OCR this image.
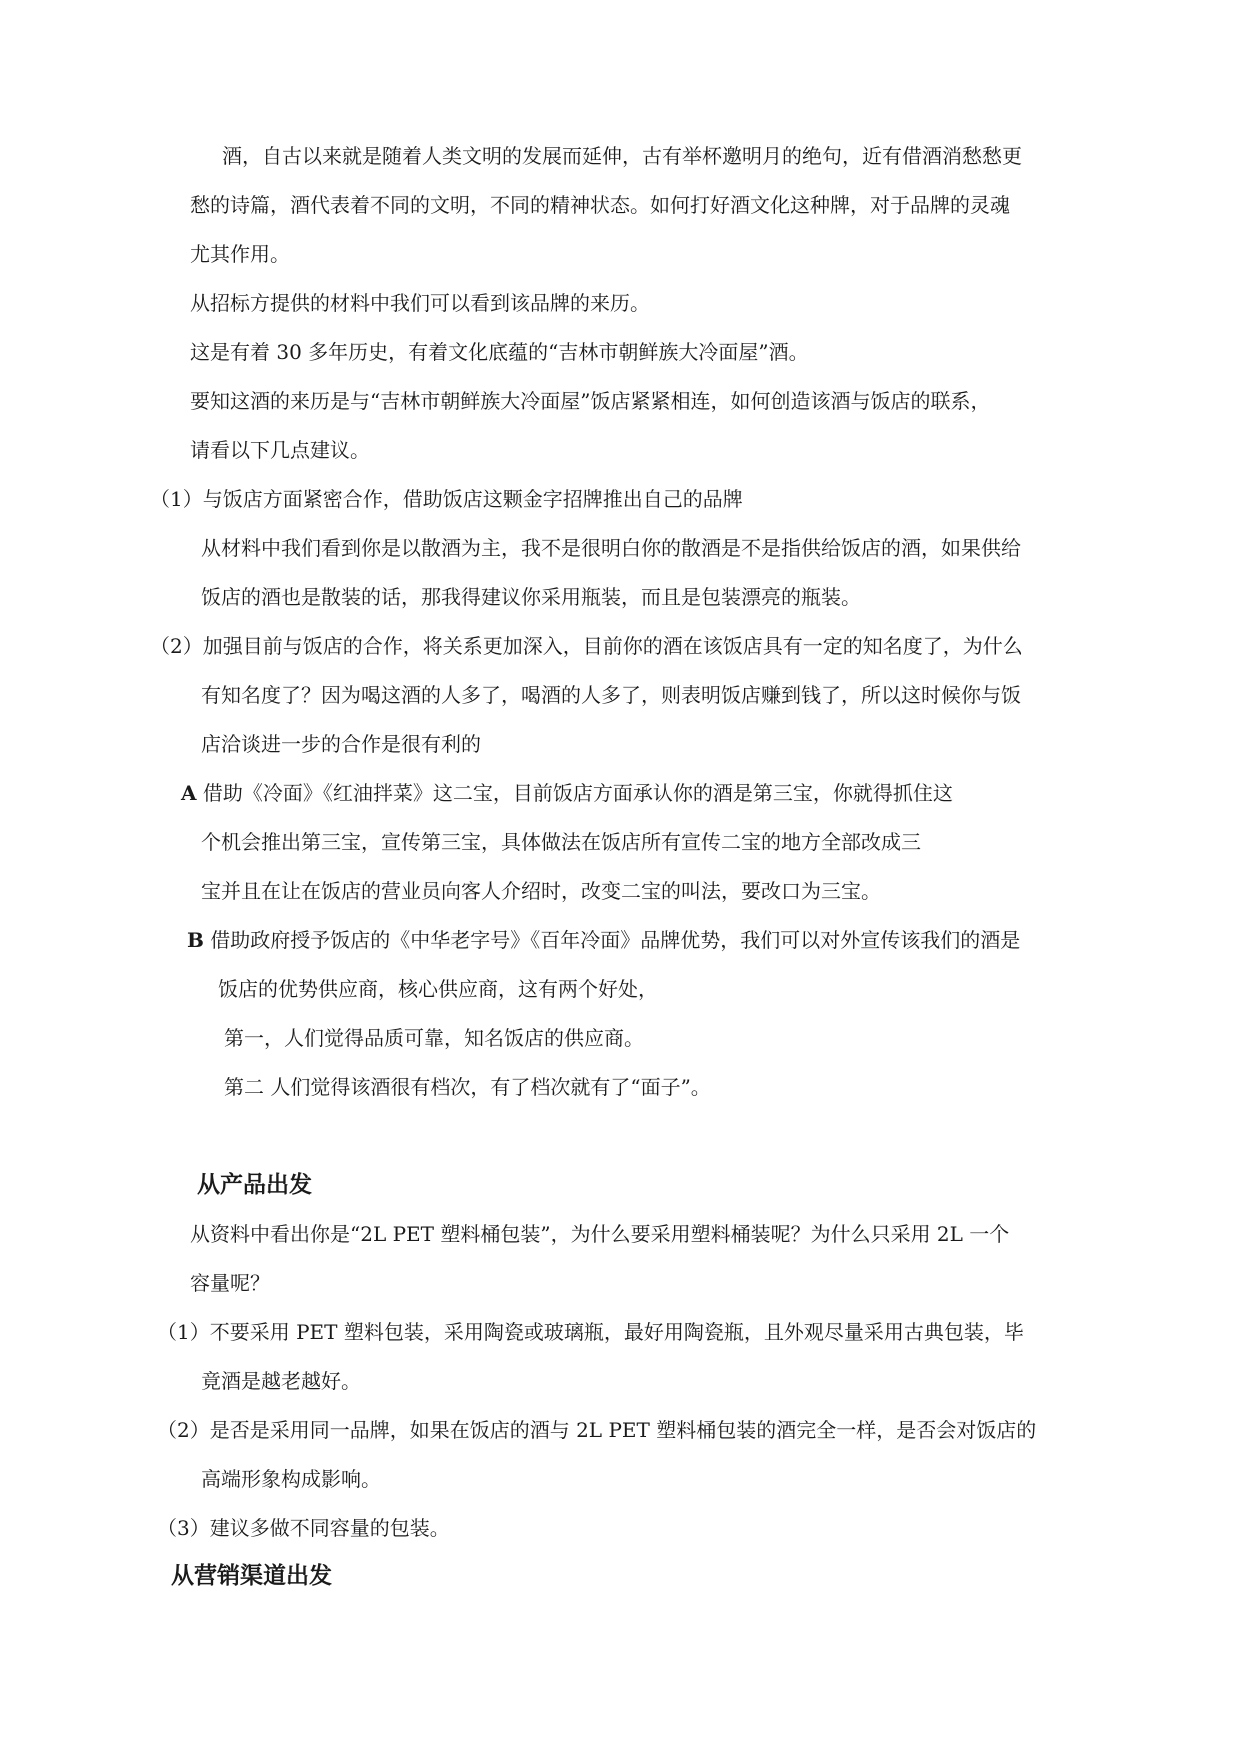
酒，自古以来就是随着人类文明的发展而延伸，古有举杯邀明月的绝句，近有借酒消愁愁更

愁的诗篇，酒代表着不同的文明，不同的精神状态。如何打好酒文化这种牌，对于品牌的灵魂

尤其作用。

从招标方提供的材料中我们可以看到该品牌的来历。

这是有着 30 多年历史，有着文化底蕴的“吉林市朝鲜族大冷面屋”酒。

要知这酒的来历是与“吉林市朝鲜族大冷面屋”饭店紧紧相连，如何创造该酒与饭店的联系，

请看以下几点建议。

（1）与饭店方面紧密合作，借助饭店这颗金字招牌推出自己的品牌

从材料中我们看到你是以散酒为主，我不是很明白你的散酒是不是指供给饭店的酒，如果供给

饭店的酒也是散装的话，那我得建议你采用瓶装，而且是包装漂亮的瓶装。

（2）加强目前与饭店的合作，将关系更加深入，目前你的酒在该饭店具有一定的知名度了，为什么

有知名度了？因为喝这酒的人多了，喝酒的人多了，则表明饭店赚到钱了，所以这时候你与饭

店洽谈进一步的合作是很有利的

A 借助《冷面》《红油拌菜》这二宝，目前饭店方面承认你的酒是第三宝，你就得抓住这

个机会推出第三宝，宣传第三宝，具体做法在饭店所有宣传二宝的地方全部改成三

宝并且在让在饭店的营业员向客人介绍时，改变二宝的叫法，要改口为三宝。

B 借助政府授予饭店的《中华老字号》《百年冷面》品牌优势，我们可以对外宣传该我们的酒是

饭店的优势供应商，核心供应商，这有两个好处，

第一，人们觉得品质可靠，知名饭店的供应商。

第二 人们觉得该酒很有档次，有了档次就有了“面子”。

从产品出发

从资料中看出你是“2L PET 塑料桶包装”，为什么要采用塑料桶装呢？为什么只采用 2L 一个

容量呢？

（1）不要采用 PET 塑料包装，采用陶瓷或玻璃瓶，最好用陶瓷瓶，且外观尽量采用古典包装，毕

竟酒是越老越好。

（2）是否是采用同一品牌，如果在饭店的酒与 2L PET 塑料桶包装的酒完全一样，是否会对饭店的

高端形象构成影响。

（3）建议多做不同容量的包装。

从营销渠道出发
